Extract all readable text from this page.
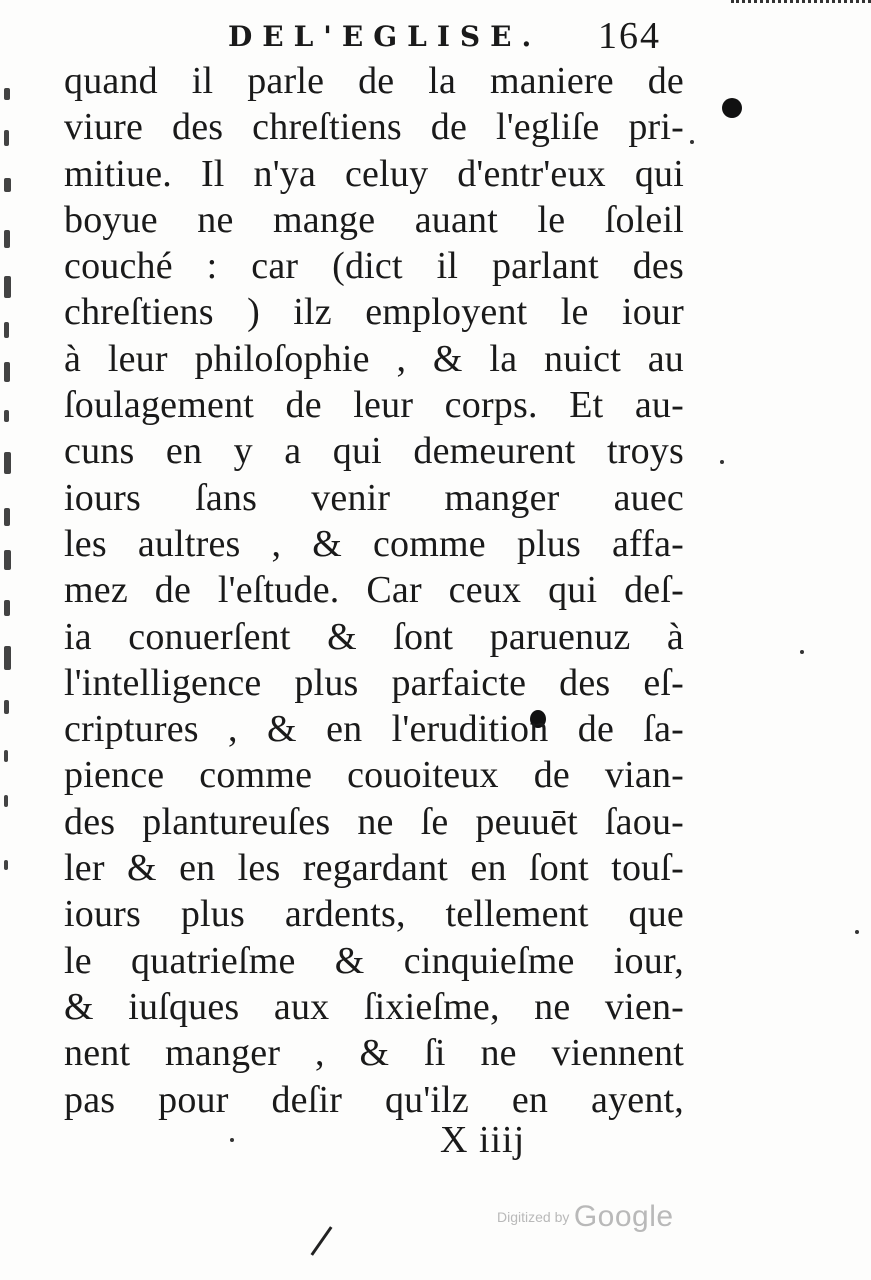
DEL'EGLISE. 164
quand il parle de la maniere de
viure des chreſtiens de l'egliſe pri-
mitiue. Il n'ya celuy d'entr'eux qui
boyue ne mange auant le ſoleil
couché : car (dict il parlant des
chreſtiens ) ilz employent le iour
à leur philoſophie , & la nuict au
ſoulagement de leur corps. Et au-
cuns en y a qui demeurent troys
iours ſans venir manger auec
les aultres , & comme plus affa-
mez de l'eſtude. Car ceux qui deſ-
ia conuerſent & ſont paruenuz à
l'intelligence plus parfaicte des eſ-
criptures , & en l'erudition de ſa-
pience comme couoiteux de vian-
des plantureuſes ne ſe peuuēt ſaou-
ler & en les regardant en ſont touſ-
iours plus ardents, tellement que
le quatrieſme & cinquieſme iour,
& iuſques aux ſixieſme, ne vien-
nent manger , & ſi ne viennent
pas pour deſir qu'ilz en ayent,
X iiij
Digitized by Google
